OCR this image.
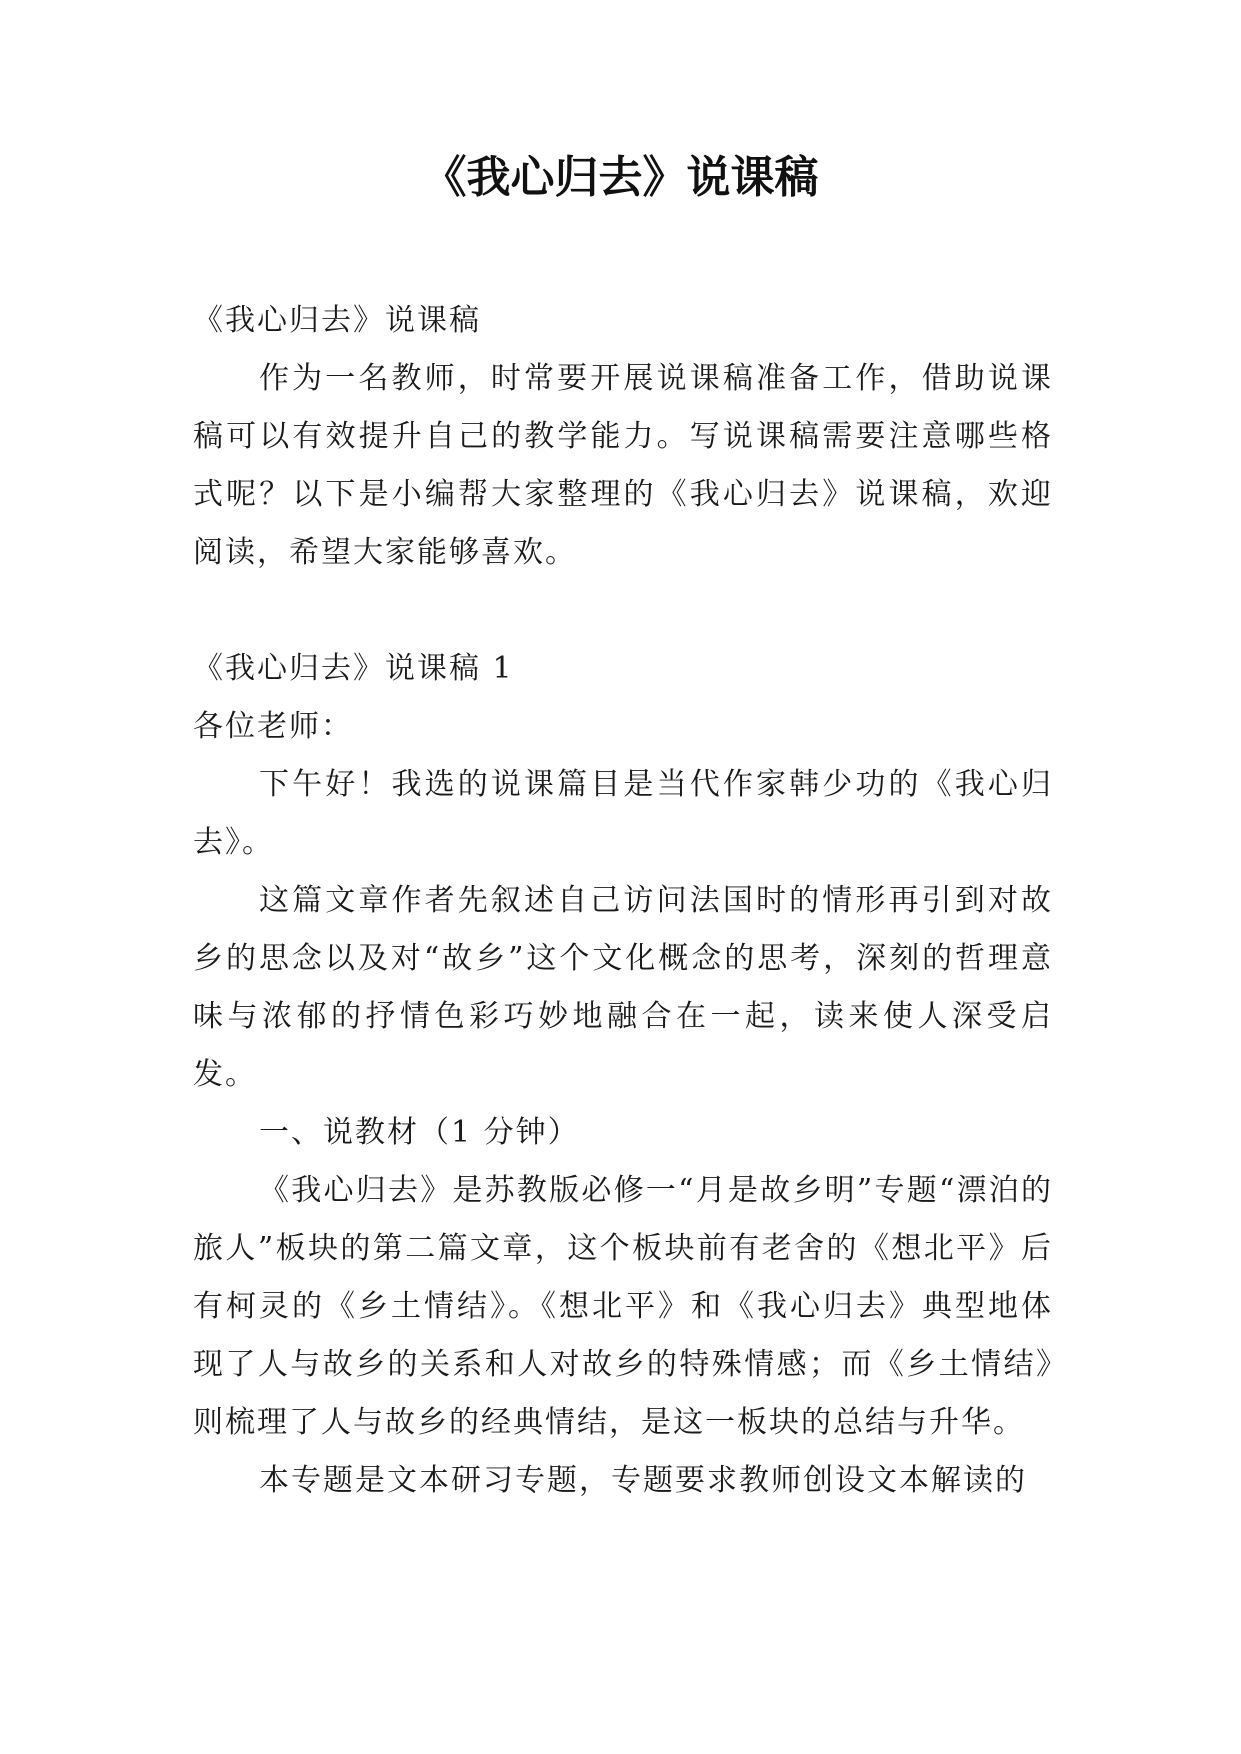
《我心归去》说课稿

《我心归去》说课稿

作为一名教师，时常要开展说课稿准备工作，借助说课稿可以有效提升自己的教学能力。写说课稿需要注意哪些格式呢？以下是小编帮大家整理的《我心归去》说课稿，欢迎阅读，希望大家能够喜欢。

《我心归去》说课稿 1

各位老师：

下午好！我选的说课篇目是当代作家韩少功的《我心归去》。

这篇文章作者先叙述自己访问法国时的情形再引到对故乡的思念以及对“故乡”这个文化概念的思考，深刻的哲理意味与浓郁的抒情色彩巧妙地融合在一起，读来使人深受启发。

一、说教材（1 分钟）

《我心归去》是苏教版必修一“月是故乡明”专题“漂泊的旅人”板块的第二篇文章，这个板块前有老舍的《想北平》后有柯灵的《乡土情结》。《想北平》和《我心归去》典型地体现了人与故乡的关系和人对故乡的特殊情感；而《乡土情结》则梳理了人与故乡的经典情结，是这一板块的总结与升华。

本专题是文本研习专题，专题要求教师创设文本解读的
